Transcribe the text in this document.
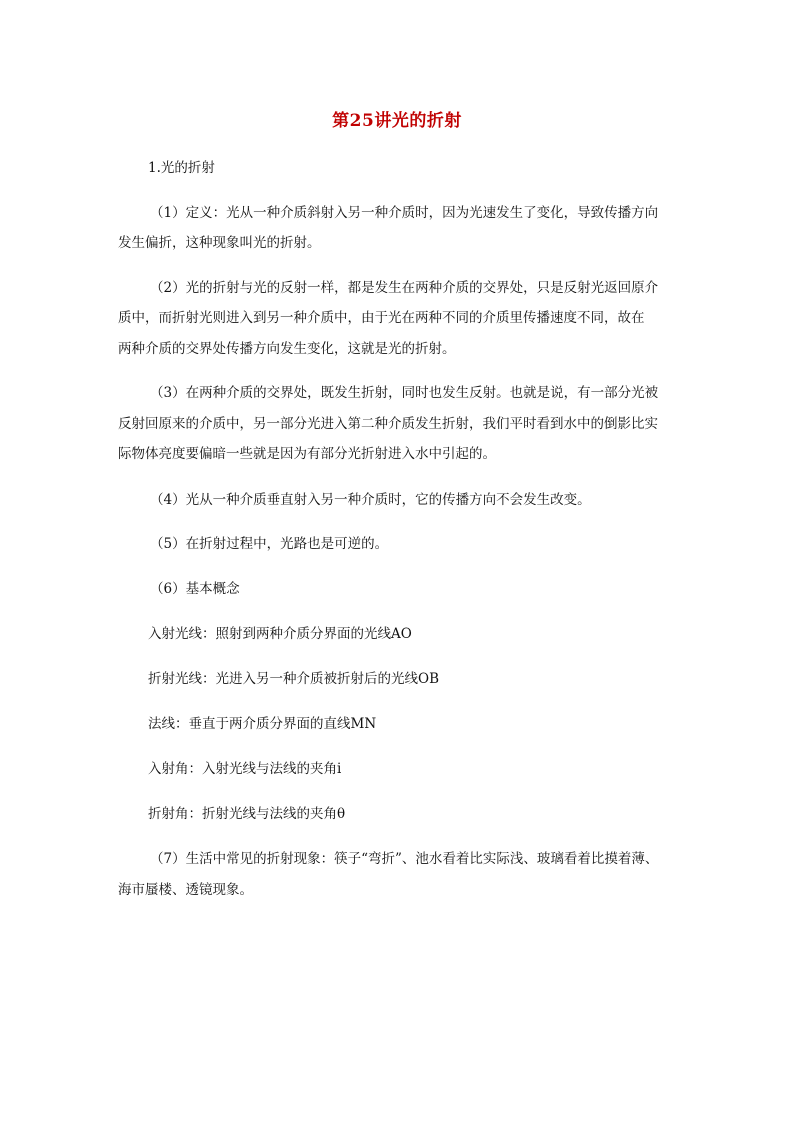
第25讲光的折射
1.光的折射
（1）定义：光从一种介质斜射入另一种介质时，因为光速发生了变化，导致传播方向
发生偏折，这种现象叫光的折射。
（2）光的折射与光的反射一样，都是发生在两种介质的交界处，只是反射光返回原介
质中，而折射光则进入到另一种介质中，由于光在两种不同的介质里传播速度不同，故在
两种介质的交界处传播方向发生变化，这就是光的折射。
（3）在两种介质的交界处，既发生折射，同时也发生反射。也就是说，有一部分光被
反射回原来的介质中，另一部分光进入第二种介质发生折射，我们平时看到水中的倒影比实
际物体亮度要偏暗一些就是因为有部分光折射进入水中引起的。
（4）光从一种介质垂直射入另一种介质时，它的传播方向不会发生改变。
（5）在折射过程中，光路也是可逆的。
（6）基本概念
入射光线：照射到两种介质分界面的光线AO
折射光线：光进入另一种介质被折射后的光线OB
法线：垂直于两介质分界面的直线MN
入射角：入射光线与法线的夹角i
折射角：折射光线与法线的夹角θ
（7）生活中常见的折射现象：筷子“弯折”、池水看着比实际浅、玻璃看着比摸着薄、
海市蜃楼、透镜现象。
